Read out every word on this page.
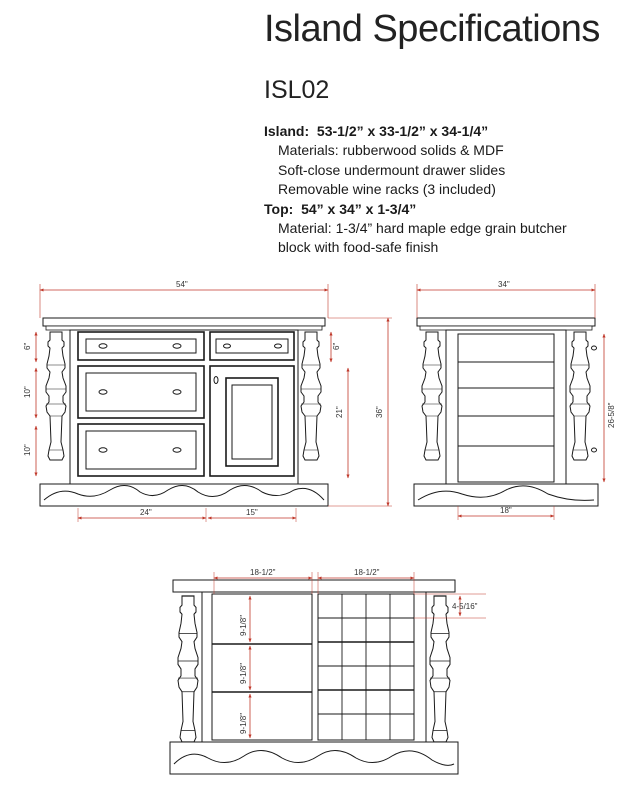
Island Specifications
ISL02
Island: 53-1/2” x 33-1/2” x 34-1/4”
Materials: rubberwood solids & MDF
Soft-close undermount drawer slides
Removable wine racks (3 included)
Top: 54” x 34” x 1-3/4”
Material: 1-3/4” hard maple edge grain butcher
block with food-safe finish
54"
6"
10"
10"
6"
21"	36"
24"	15"
34"
26-5/8"
18"
18-1/2"	18-1/2"
9-1/8"
9-1/8"
9-1/8"
4-5/16"
